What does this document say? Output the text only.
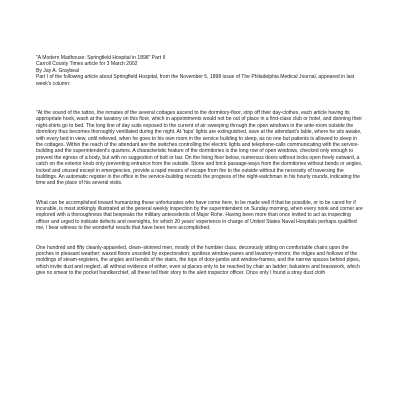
"A Modern Madhouse: Springfield Hospital in 1898" Part II
Carroll County Times article for 3 March 2002
By Jay A. Graybeal
Part I of the following article about Springfield Hospital, from the November 5, 1898 issue of The Philadelphia Medical Journal, appeared in last week's column:

"At the sound of the tattoo, the inmates of the several cottages ascend to the dormitory-floor, strip off their day-clothes, each article having its appropriate hook, wash at the lavatory on this floor, which in appointments would not be out of place in a first-class club or hotel, and donning their night-shirts go to bed. The long line of day suits exposed to the current of air sweeping through the open windows in the ante-room outside the dormitory thus becomes thoroughly ventilated during the night. At 'taps' lights are extinguished, save at the attendant's table, where he sits awake, with every bed in view, until relieved, when he goes to his own room in the service building to sleep, as no one but patients is allowed to sleep in the cottages. Within the reach of the attendant are the switches controlling the electric lights and telephone-calls communicating with the service-building and the superintendent's quarters. A characteristic feature of the dormitories is the long row of open windows, checked only enough to prevent the egress of a body, but with no suggestion of bolt or bar. On the living floor below, numerous doors without locks open freely outward, a catch on the exterior knob only preventing entrance from the outside. Stone and brick passage-ways from the dormitories without bends or angles, locked and unused except in emergencies, provide a rapid means of escape from fire to the outside without the necessity of traversing the buildings. An automatic register in the office in the service-building records the progress of the night-watchman in his hourly rounds, indicating the time and the place of his several visits.

What can be accomplished toward humanizing these unfortunates who have come here, to be made well if that be possible, or to be cared for if incurable, is most strikingly illustrated at the general weekly inspection by the superintendent on Sunday morning, when every nook and corner are explored with a thoroughness that bespeaks the military antecedents of Major Rohe. Having been more than once invited to act as inspecting officer and urged to indicate defects and oversights, for which 20 years' experience in charge of United States Naval Hospitals perhaps qualified me, I bear witness to the wonderful results that have been here accomplished.

One hundred and fifty cleanly-appareled, clean–skinned men, mostly of the humbler class, decorously sitting on comfortable chairs upon the porches in pleasant weather; waxed floors unsoiled by expectoration; spotless window-panes and lavatory-mirrors; the ridges and hollows of the moldings of steam-registers, the angles and bends of the stairs, the tops of door-jambs and window-frames, and the narrow spaces behind pipes, which invite dust and neglect, all without evidence of either, even at places only to be reached by chair an ladder; balusters and brasswork, which give no smear to the pocket handkerchief, all these tell their story to the alert inspector officer. Once only I found a stray dust cloth
